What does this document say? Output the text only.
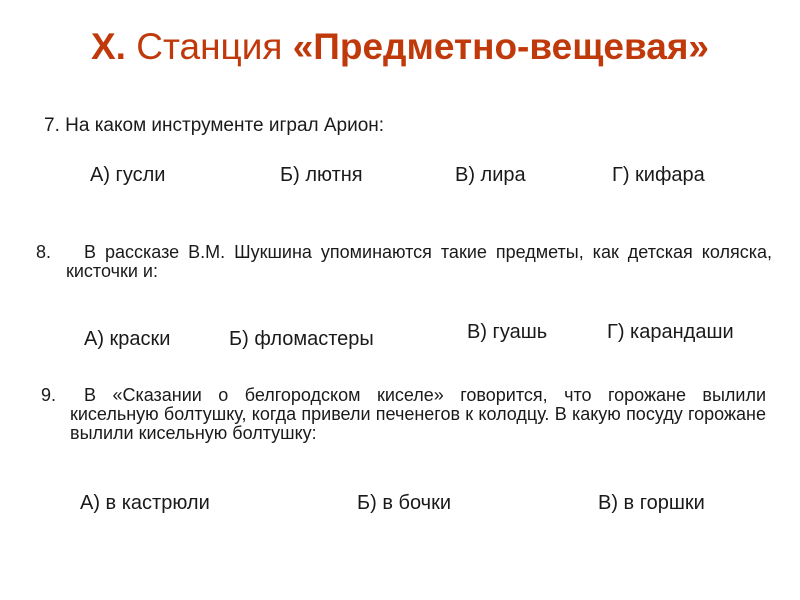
Х. Станция «Предметно-вещевая»
7. На каком инструменте играл Арион:
А) гусли	Б) лютня	В) лира	Г) кифара
8.	В рассказе В.М. Шукшина упоминаются такие предметы, как детская коляска, кисточки и:
А) краски	Б) фломастеры	В) гуашь	Г) карандаши
9.	В «Сказании о белгородском киселе» говорится, что горожане вылили кисельную болтушку, когда привели печенегов к колодцу. В какую посуду горожане вылили кисельную болтушку:
А) в кастрюли	Б) в бочки	В) в горшки
